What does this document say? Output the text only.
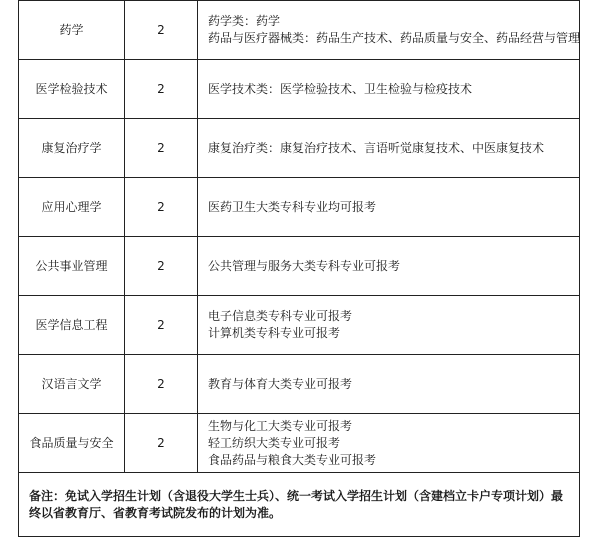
药学	2	药学类：药学
药品与医疗器械类：药品生产技术、药品质量与安全、药品经营与管理

医学检验技术	2	医学技术类：医学检验技术、卫生检验与检疫技术

康复治疗学	2	康复治疗类：康复治疗技术、言语听觉康复技术、中医康复技术

应用心理学	2	医药卫生大类专科专业均可报考

公共事业管理	2	公共管理与服务大类专科专业可报考

医学信息工程	2	电子信息类专科专业可报考
计算机类专科专业可报考

汉语言文学	2	教育与体育大类专业可报考

食品质量与安全	2	生物与化工大类专业可报考
轻工纺织大类专业可报考
食品药品与粮食大类专业可报考

备注：免试入学招生计划（含退役大学生士兵）、统一考试入学招生计划（含建档立卡户专项计划）最终以省教育厅、省教育考试院发布的计划为准。		
